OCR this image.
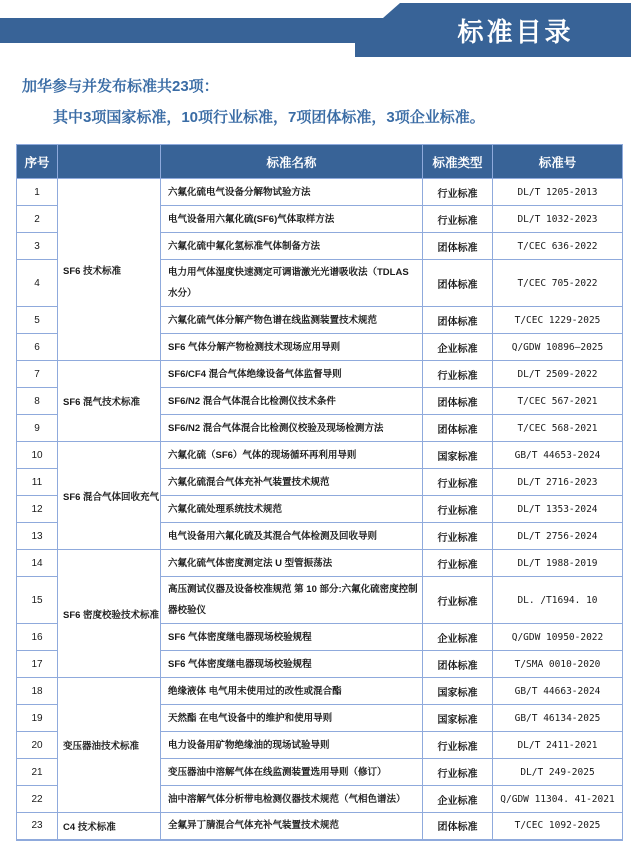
标准目录

加华参与并发布标准共23项：

其中3项国家标准，10项行业标准，7项团体标准，3项企业标准。

序号		标准名称	标准类型	标准号
1	SF6 技术标准	六氟化硫电气设备分解物试验方法	行业标准	DL/T 1205-2013
2		电气设备用六氟化硫(SF6)气体取样方法	行业标准	DL/T 1032-2023
3		六氟化硫中氟化氢标准气体制备方法	团体标准	T/CEC 636-2022
4		电力用气体湿度快速测定可调谐激光光谱吸收法（TDLAS 水分）	团体标准	T/CEC 705-2022
5		六氟化硫气体分解产物色谱在线监测装置技术规范	团体标准	T/CEC 1229-2025
6		SF6 气体分解产物检测技术现场应用导则	企业标准	Q/GDW 10896—2025
7	SF6 混气技术标准	SF6/CF4 混合气体绝缘设备气体监督导则	行业标准	DL/T 2509-2022
8		SF6/N2 混合气体混合比检测仪技术条件	团体标准	T/CEC 567-2021
9		SF6/N2 混合气体混合比检测仪校验及现场检测方法	团体标准	T/CEC 568-2021
10	SF6 混合气体回收充气	六氟化硫（SF6）气体的现场循环再利用导则	国家标准	GB/T 44653-2024
11		六氟化硫混合气体充补气装置技术规范	行业标准	DL/T 2716-2023
12		六氟化硫处理系统技术规范	行业标准	DL/T 1353-2024
13		电气设备用六氟化硫及其混合气体检测及回收导则	行业标准	DL/T 2756-2024
14	SF6 密度校验技术标准	六氟化硫气体密度测定法 U 型管振荡法	行业标准	DL/T 1988-2019
15		高压测试仪器及设备校准规范 第 10 部分:六氟化硫密度控制器校验仪	行业标准	DL. /T1694. 10
16		SF6 气体密度继电器现场校验规程	企业标准	Q/GDW 10950-2022
17		SF6 气体密度继电器现场校验规程	团体标准	T/SMA 0010-2020
18	变压器油技术标准	绝缘液体 电气用未使用过的改性或混合酯	国家标准	GB/T 44663-2024
19		天然酯 在电气设备中的维护和使用导则	国家标准	GB/T 46134-2025
20		电力设备用矿物绝缘油的现场试验导则	行业标准	DL/T 2411-2021
21		变压器油中溶解气体在线监测装置选用导则（修订）	行业标准	DL/T 249-2025
22		油中溶解气体分析带电检测仪器技术规范（气相色谱法）	企业标准	Q/GDW 11304. 41-2021
23	C4 技术标准	全氟异丁腈混合气体充补气装置技术规范	团体标准	T/CEC 1092-2025
